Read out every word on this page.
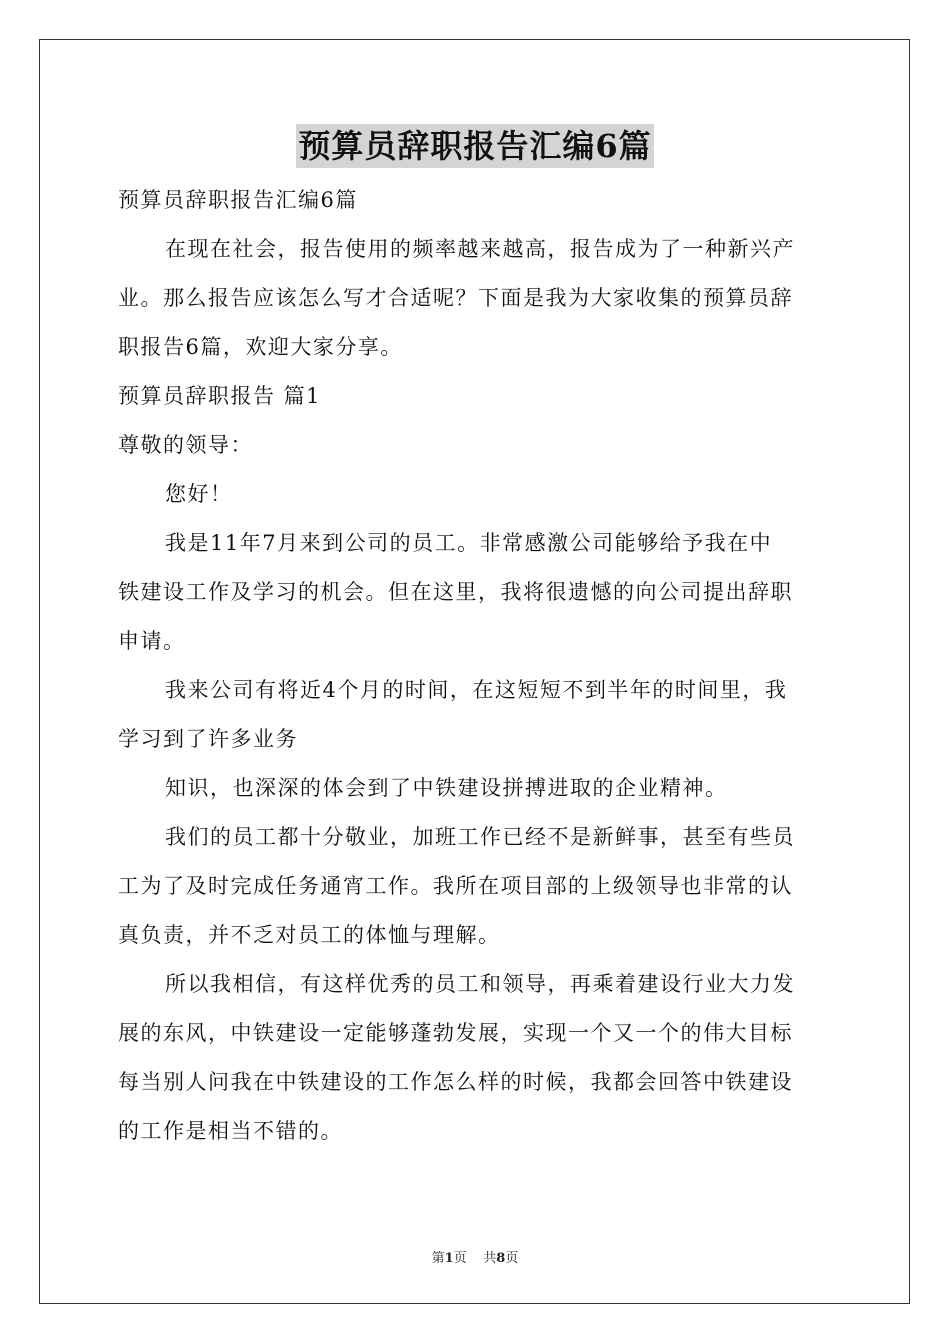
预算员辞职报告汇编6篇
预算员辞职报告汇编6篇
在现在社会，报告使用的频率越来越高，报告成为了一种新兴产
业。那么报告应该怎么写才合适呢？下面是我为大家收集的预算员辞
职报告6篇，欢迎大家分享。
预算员辞职报告 篇1
尊敬的领导：
您好！
我是11年7月来到公司的员工。非常感激公司能够给予我在中
铁建设工作及学习的机会。但在这里，我将很遗憾的向公司提出辞职
申请。
我来公司有将近4个月的时间，在这短短不到半年的时间里，我
学习到了许多业务
知识，也深深的体会到了中铁建设拼搏进取的企业精神。
我们的员工都十分敬业，加班工作已经不是新鲜事，甚至有些员
工为了及时完成任务通宵工作。我所在项目部的上级领导也非常的认
真负责，并不乏对员工的体恤与理解。
所以我相信，有这样优秀的员工和领导，再乘着建设行业大力发
展的东风，中铁建设一定能够蓬勃发展，实现一个又一个的伟大目标
每当别人问我在中铁建设的工作怎么样的时候，我都会回答中铁建设
的工作是相当不错的。
第1页 共8页
